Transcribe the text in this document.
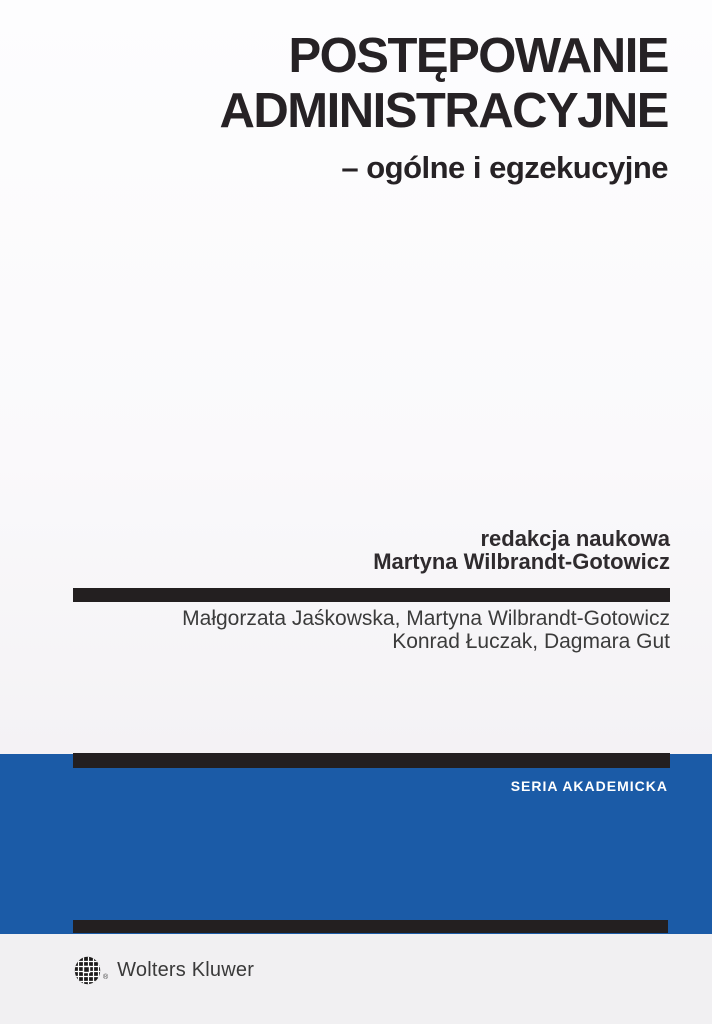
POSTĘPOWANIE
ADMINISTRACYJNE
– ogólne i egzekucyjne
redakcja naukowa
Martyna Wilbrandt-Gotowicz
Małgorzata Jaśkowska, Martyna Wilbrandt-Gotowicz
Konrad Łuczak, Dagmara Gut
SERIA AKADEMICKA
® Wolters Kluwer
